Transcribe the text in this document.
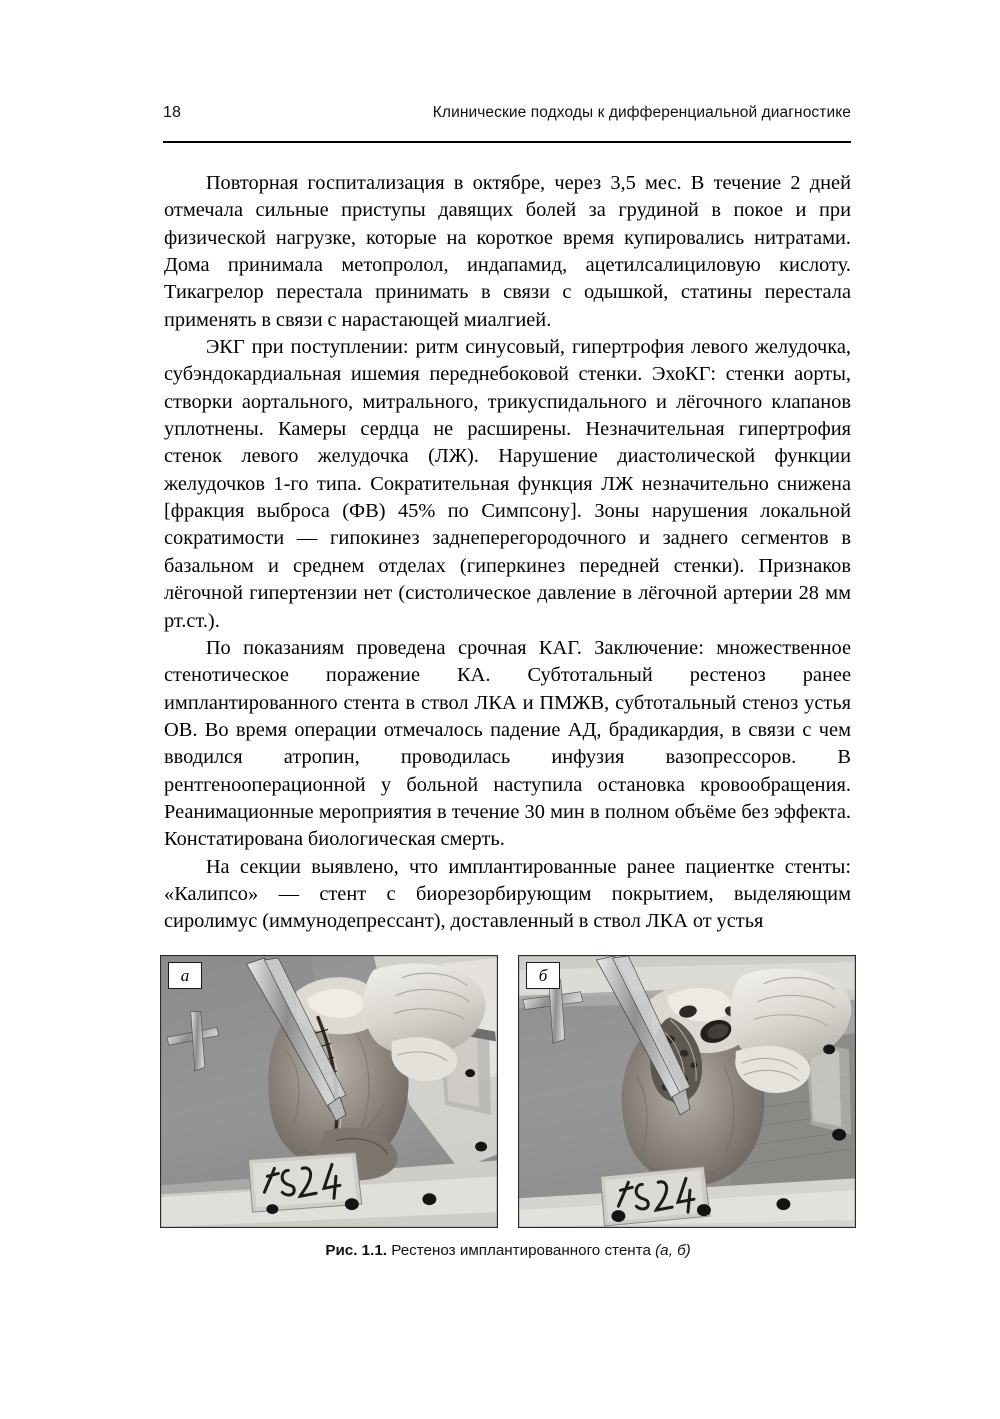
18	Клинические подходы к дифференциальной диагностике

Повторная госпитализация в октябре, через 3,5 мес. В течение 2 дней отмечала сильные приступы давящих болей за грудиной в покое и при физической нагрузке, которые на короткое время купировались нитратами. Дома принимала метопролол, индапамид, ацетилсалициловую кислоту. Тикагрелор перестала принимать в связи с одышкой, статины перестала применять в связи с нарастающей миалгией.

ЭКГ при поступлении: ритм синусовый, гипертрофия левого желудочка, субэндокардиальная ишемия переднебоковой стенки. ЭхоКГ: стенки аорты, створки аортального, митрального, трикуспидального и лёгочного клапанов уплотнены. Камеры сердца не расширены. Незначительная гипертрофия стенок левого желудочка (ЛЖ). Нарушение диастолической функции желудочков 1-го типа. Сократительная функция ЛЖ незначительно снижена [фракция выброса (ФВ) 45% по Симпсону]. Зоны нарушения локальной сократимости — гипокинез заднеперегородочного и заднего сегментов в базальном и среднем отделах (гиперкинез передней стенки). Признаков лёгочной гипертензии нет (систолическое давление в лёгочной артерии 28 мм рт.ст.).

По показаниям проведена срочная КАГ. Заключение: множественное стенотическое поражение КА. Субтотальный рестеноз ранее имплантированного стента в ствол ЛКА и ПМЖВ, субтотальный стеноз устья ОВ. Во время операции отмечалось падение АД, брадикардия, в связи с чем вводился атропин, проводилась инфузия вазопрессоров. В рентгенооперационной у больной наступила остановка кровообращения. Реанимационные мероприятия в течение 30 мин в полном объёме без эффекта. Констатирована биологическая смерть.

На секции выявлено, что имплантированные ранее пациентке стенты: «Калипсо» — стент с биорезорбирующим покрытием, выделяющим сиролимус (иммунодепрессант), доставленный в ствол ЛКА от устья

а	б
Рис. 1.1. Рестеноз имплантированного стента (а, б)
